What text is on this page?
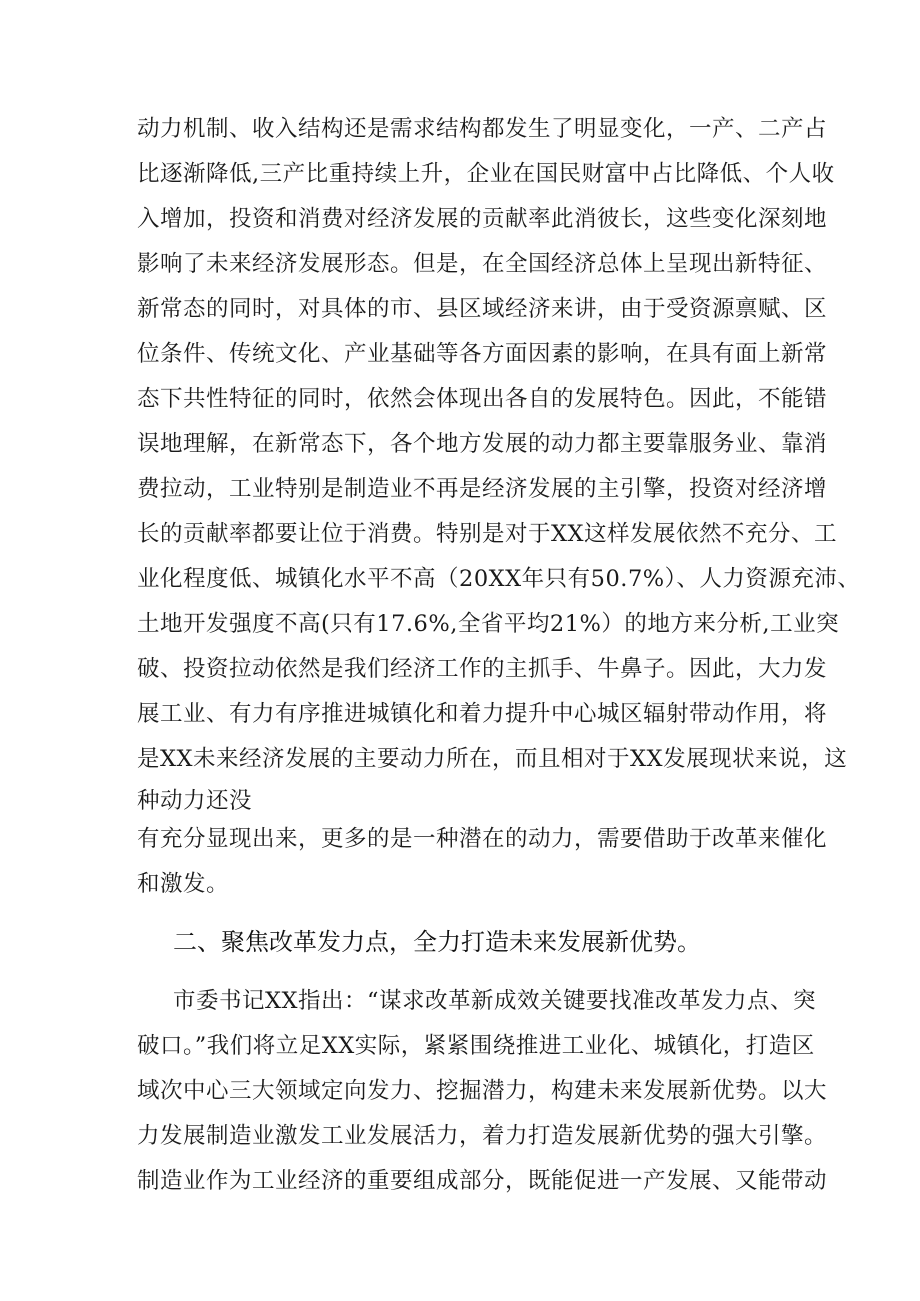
动力机制、收入结构还是需求结构都发生了明显变化，一产、二产占
比逐渐降低,三产比重持续上升，企业在国民财富中占比降低、个人收
入增加，投资和消费对经济发展的贡献率此消彼长，这些变化深刻地
影响了未来经济发展形态。但是，在全国经济总体上呈现出新特征、
新常态的同时，对具体的市、县区域经济来讲，由于受资源禀赋、区
位条件、传统文化、产业基础等各方面因素的影响，在具有面上新常
态下共性特征的同时，依然会体现出各自的发展特色。因此，不能错
误地理解，在新常态下，各个地方发展的动力都主要靠服务业、靠消
费拉动，工业特别是制造业不再是经济发展的主引擎，投资对经济增
长的贡献率都要让位于消费。特别是对于XX这样发展依然不充分、工
业化程度低、城镇化水平不高（20XX年只有50.7%）、人力资源充沛、
土地开发强度不高(只有17.6%,全省平均21%）的地方来分析,工业突
破、投资拉动依然是我们经济工作的主抓手、牛鼻子。因此，大力发
展工业、有力有序推进城镇化和着力提升中心城区辐射带动作用，将
是XX未来经济发展的主要动力所在，而且相对于XX发展现状来说，这
种动力还没
有充分显现出来，更多的是一种潜在的动力，需要借助于改革来催化
和激发。
二、聚焦改革发力点，全力打造未来发展新优势。
市委书记XX指出：“谋求改革新成效关键要找准改革发力点、突
破口。”我们将立足XX实际，紧紧围绕推进工业化、城镇化，打造区
域次中心三大领域定向发力、挖掘潜力，构建未来发展新优势。以大
力发展制造业激发工业发展活力，着力打造发展新优势的强大引擎。
制造业作为工业经济的重要组成部分，既能促进一产发展、又能带动
